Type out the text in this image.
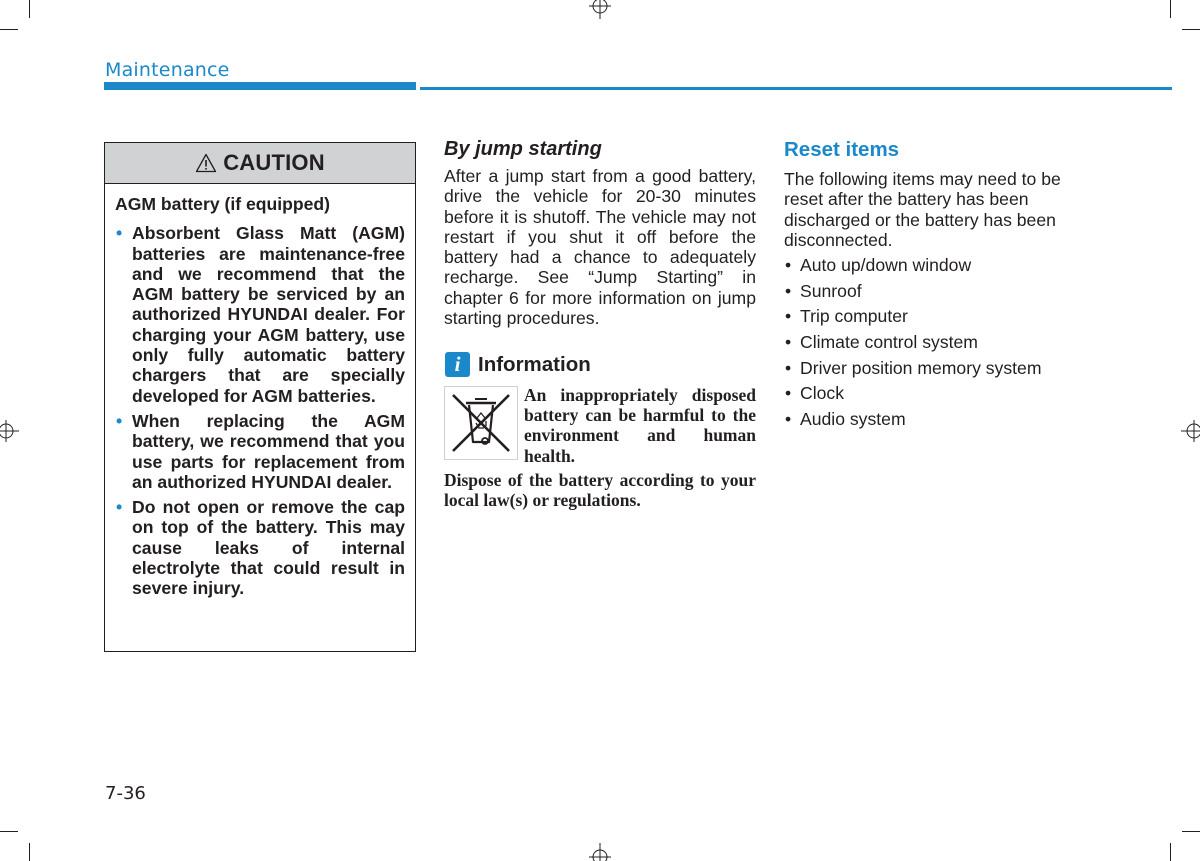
Maintenance
CAUTION
AGM battery (if equipped)
• Absorbent Glass Matt (AGM) batteries are maintenance-free and we recommend that the AGM battery be serviced by an authorized HYUNDAI dealer. For charging your AGM battery, use only fully automatic battery chargers that are specially developed for AGM batteries.
• When replacing the AGM battery, we recommend that you use parts for replacement from an authorized HYUNDAI dealer.
• Do not open or remove the cap on top of the battery. This may cause leaks of internal electrolyte that could result in severe injury.
By jump starting
After a jump start from a good battery, drive the vehicle for 20-30 minutes before it is shutoff. The vehicle may not restart if you shut it off before the battery had a chance to adequately recharge. See “Jump Starting” in chapter 6 for more information on jump starting procedures.
i Information
An inappropriately disposed battery can be harmful to the environment and human health.
Dispose of the battery according to your local law(s) or regulations.
Reset items
The following items may need to be reset after the battery has been discharged or the battery has been disconnected.
• Auto up/down window
• Sunroof
• Trip computer
• Climate control system
• Driver position memory system
• Clock
• Audio system
7-36
